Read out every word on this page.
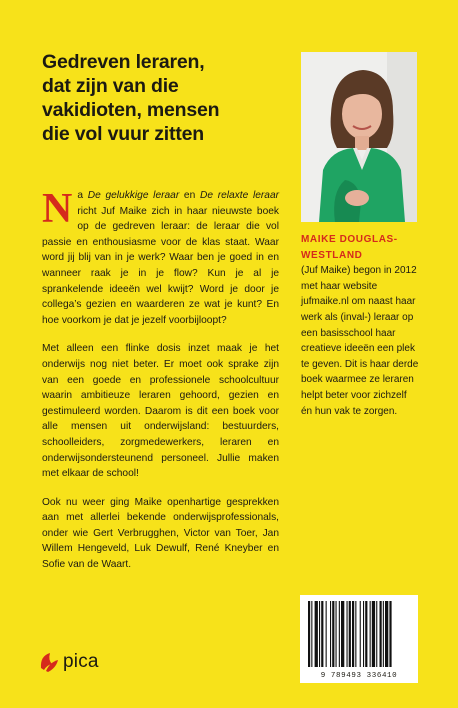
Gedreven leraren,
dat zijn van die
vakidioten, mensen
die vol vuur zitten

Na De gelukkige leraar en De relaxte leraar richt Juf Maike zich in haar nieuwste boek op de gedreven leraar: de leraar die vol passie en enthousiasme voor de klas staat. Waar word jij blij van in je werk? Waar ben je goed in en wanneer raak je in je flow? Kun je al je sprankelende ideeën wel kwijt? Word je door je collega’s gezien en waarderen ze wat je kunt? En hoe voorkom je dat je jezelf voorbijloopt?

Met alleen een flinke dosis inzet maak je het onderwijs nog niet beter. Er moet ook sprake zijn van een goede en professionele schoolcultuur waarin ambitieuze leraren gehoord, gezien en gestimuleerd worden. Daarom is dit een boek voor alle mensen uit onderwijsland: bestuurders, schoolleiders, zorgmedewerkers, leraren en onderwijsondersteunend personeel. Jullie maken met elkaar de school!

Ook nu weer ging Maike openhartige gesprekken aan met allerlei bekende onderwijsprofessionals, onder wie Gert Verbrugghen, Victor van Toer, Jan Willem Hengeveld, Luk Dewulf, René Kneyber en Sofie van de Waart.

MAIKE DOUGLAS-WESTLAND
(Juf Maike) begon in 2012 met haar website jufmaike.nl om naast haar werk als (inval-) leraar op een basisschool haar creatieve ideeën een plek te geven. Dit is haar derde boek waarmee ze leraren helpt beter voor zichzelf én hun vak te zorgen.
9 789493 336410
pica
